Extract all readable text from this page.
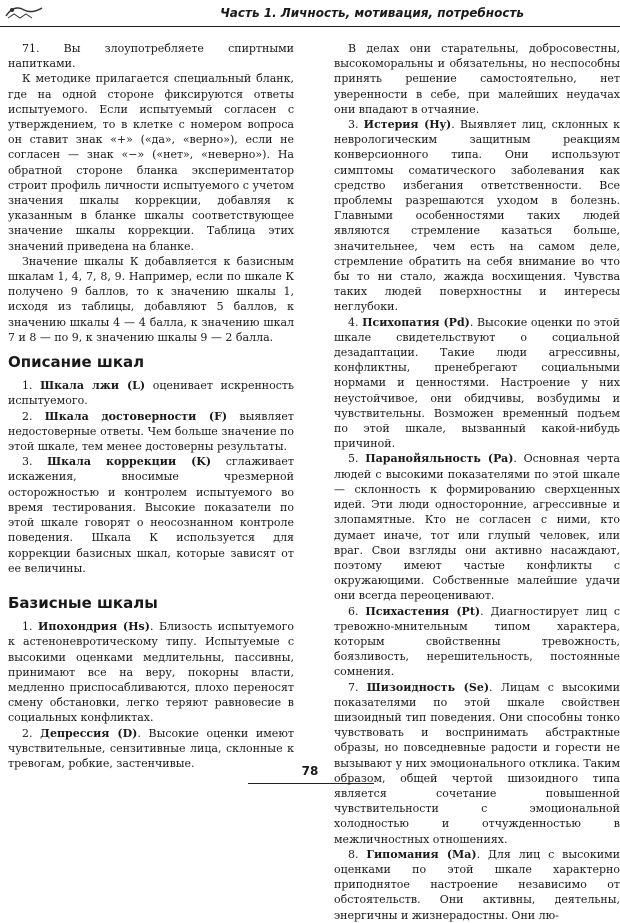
Часть 1. Личность, мотивация, потребность

71. Вы злоупотребляете спиртными напитками.

К методике прилагается специальный бланк, где на одной стороне фиксируются ответы испытуемого. Если испытуемый согласен с утверждением, то в клетке с номером вопроса он ставит знак «+» («да», «верно»), если не согласен — знак «−» («нет», «неверно»). На обратной стороне бланка экспериментатор строит профиль личности испытуемого с учетом значения шкалы коррекции, добавляя к указанным в бланке шкалы соответствующее значение шкалы коррекции. Таблица этих значений приведена на бланке.

Значение шкалы К добавляется к базисным шкалам 1, 4, 7, 8, 9. Например, если по шкале К получено 9 баллов, то к значению шкалы 1, исходя из таблицы, добавляют 5 баллов, к значению шкалы 4 — 4 балла, к значению шкал 7 и 8 — по 9, к значению шкалы 9 — 2 балла.

Описание шкал

1. Шкала лжи (L) оценивает искренность испытуемого.

2. Шкала достоверности (F) выявляет недостоверные ответы. Чем больше значение по этой шкале, тем менее достоверны результаты.

3. Шкала коррекции (K) сглаживает искажения, вносимые чрезмерной осторожностью и контролем испытуемого во время тестирования. Высокие показатели по этой шкале говорят о неосознанном контроле поведения. Шкала К используется для коррекции базисных шкал, которые зависят от ее величины.

Базисные шкалы

1. Ипохондрия (Hs). Близость испытуемого к астеноневротическому типу. Испытуемые с высокими оценками медлительны, пассивны, принимают все на веру, покорны власти, медленно приспосабливаются, плохо переносят смену обстановки, легко теряют равновесие в социальных конфликтах.

2. Депрессия (D). Высокие оценки имеют чувствительные, сензитивные лица, склонные к тревогам, робкие, застенчивые.

В делах они старательны, добросовестны, высокоморальны и обязательны, но неспособны принять решение самостоятельно, нет уверенности в себе, при малейших неудачах они впадают в отчаяние.

3. Истерия (Hy). Выявляет лиц, склонных к неврологическим защитным реакциям конверсионного типа. Они используют симптомы соматического заболевания как средство избегания ответственности. Все проблемы разрешаются уходом в болезнь. Главными особенностями таких людей являются стремление казаться больше, значительнее, чем есть на самом деле, стремление обратить на себя внимание во что бы то ни стало, жажда восхищения. Чувства таких людей поверхностны и интересы неглубоки.

4. Психопатия (Pd). Высокие оценки по этой шкале свидетельствуют о социальной дезадаптации. Такие люди агрессивны, конфликтны, пренебрегают социальными нормами и ценностями. Настроение у них неустойчивое, они обидчивы, возбудимы и чувствительны. Возможен временный подъем по этой шкале, вызванный какой-нибудь причиной.

5. Паранойяльность (Pa). Основная черта людей с высокими показателями по этой шкале — склонность к формированию сверхценных идей. Эти люди односторонние, агрессивные и злопамятные. Кто не согласен с ними, кто думает иначе, тот или глупый человек, или враг. Свои взгляды они активно насаждают, поэтому имеют частые конфликты с окружающими. Собственные малейшие удачи они всегда переоценивают.

6. Психастения (Pt). Диагностирует лиц с тревожно-мнительным типом характера, которым свойственны тревожность, боязливость, нерешительность, постоянные сомнения.

7. Шизоидность (Se). Лицам с высокими показателями по этой шкале свойствен шизоидный тип поведения. Они способны тонко чувствовать и воспринимать абстрактные образы, но повседневные радости и горести не вызывают у них эмоционального отклика. Таким образом, общей чертой шизоидного типа является сочетание повышенной чувствительности с эмоциональной холодностью и отчужденностью в межличностных отношениях.

8. Гипомания (Ma). Для лиц с высокими оценками по этой шкале характерно приподнятое настроение независимо от обстоятельств. Они активны, деятельны, энергичны и жизнерадостны. Они лю-

78
